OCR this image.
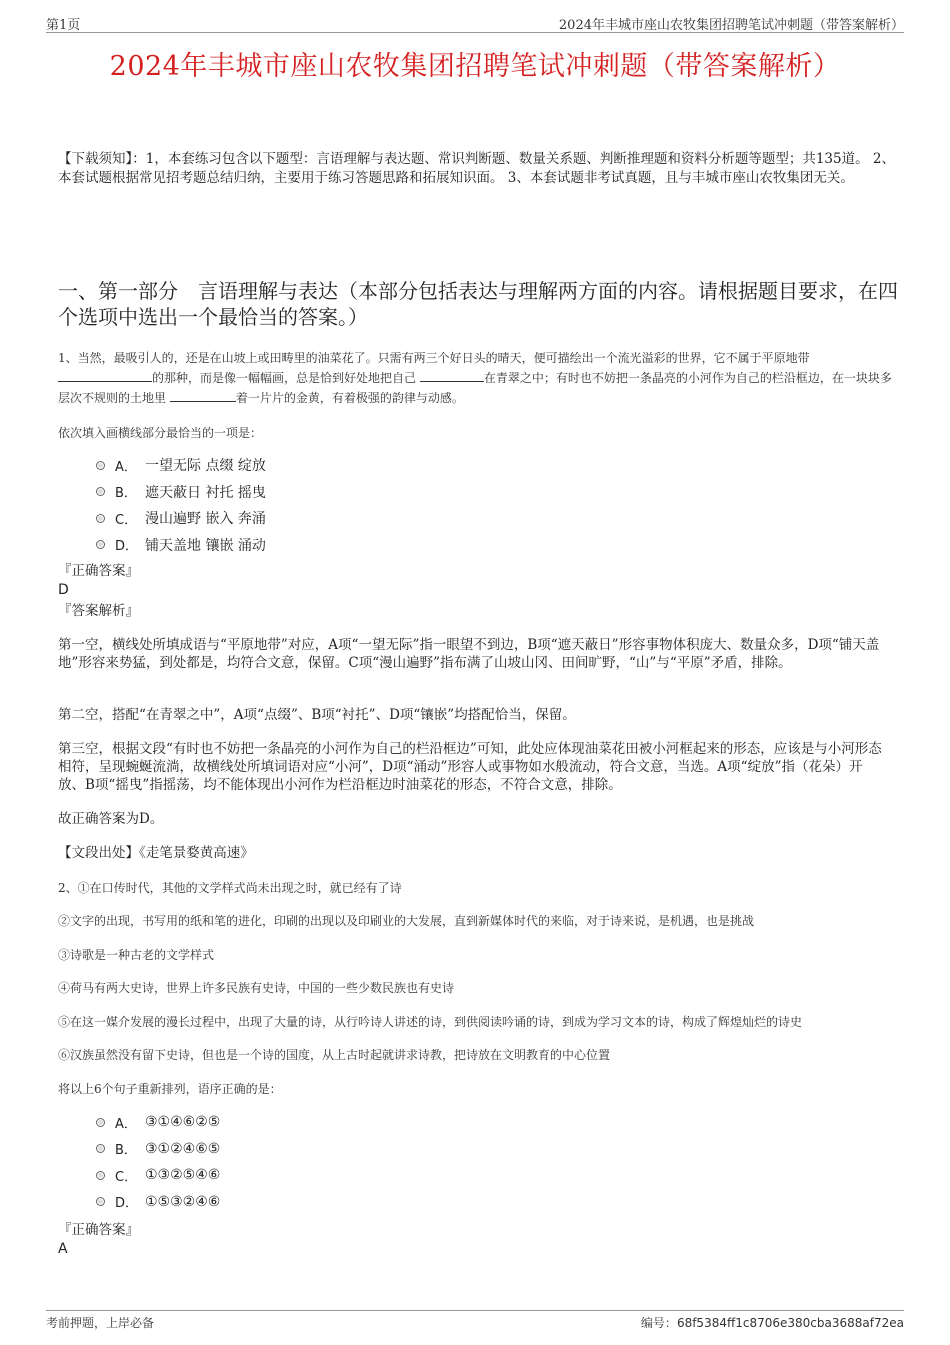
第1页	2024年丰城市座山农牧集团招聘笔试冲刺题（带答案解析）
2024年丰城市座山农牧集团招聘笔试冲刺题（带答案解析）
【下载须知】：1，本套练习包含以下题型：言语理解与表达题、常识判断题、数量关系题、判断推理题和资料分析题等题型；共135道。 2、本套试题根据常见招考题总结归纳，主要用于练习答题思路和拓展知识面。 3、本套试题非考试真题，且与丰城市座山农牧集团无关。
一、第一部分　言语理解与表达（本部分包括表达与理解两方面的内容。请根据题目要求，在四个选项中选出一个最恰当的答案。）
1、当然，最吸引人的，还是在山坡上或田畴里的油菜花了。只需有两三个好日头的晴天，便可描绘出一个流光溢彩的世界，它不属于平原地带
的那种，而是像一幅幅画，总是恰到好处地把自己	在青翠之中；有时也不妨把一条晶亮的小河作为自己的栏沿框边，在一块块多层次不规则的土地里	着一片片的金黄，有着极强的韵律与动感。
依次填入画横线部分最恰当的一项是：
A． 一望无际 点缀 绽放
B． 遮天蔽日 衬托 摇曳
C． 漫山遍野 嵌入 奔涌
D． 铺天盖地 镶嵌 涌动
『正确答案』
D
『答案解析』
第一空，横线处所填成语与“平原地带”对应，A项“一望无际”指一眼望不到边，B项“遮天蔽日”形容事物体积庞大、数量众多，D项“铺天盖地”形容来势猛，到处都是，均符合文意，保留。C项“漫山遍野”指布满了山坡山冈、田间旷野，“山”与“平原”矛盾，排除。
第二空，搭配“在青翠之中”，A项“点缀”、B项“衬托”、D项“镶嵌”均搭配恰当，保留。
第三空，根据文段“有时也不妨把一条晶亮的小河作为自己的栏沿框边”可知，此处应体现油菜花田被小河框起来的形态，应该是与小河形态相符，呈现蜿蜒流淌，故横线处所填词语对应“小河”，D项“涌动”形容人或事物如水般流动，符合文意，当选。A项“绽放”指（花朵）开放、B项“摇曳”指摇荡，均不能体现出小河作为栏沿框边时油菜花的形态，不符合文意，排除。
故正确答案为D。
【文段出处】《走笔景婺黄高速》
2、①在口传时代，其他的文学样式尚未出现之时，就已经有了诗
②文字的出现，书写用的纸和笔的进化，印刷的出现以及印刷业的大发展，直到新媒体时代的来临，对于诗来说，是机遇，也是挑战
③诗歌是一种古老的文学样式
④荷马有两大史诗，世界上许多民族有史诗，中国的一些少数民族也有史诗
⑤在这一媒介发展的漫长过程中，出现了大量的诗，从行吟诗人讲述的诗，到供阅读吟诵的诗，到成为学习文本的诗，构成了辉煌灿烂的诗史
⑥汉族虽然没有留下史诗，但也是一个诗的国度，从上古时起就讲求诗教，把诗放在文明教育的中心位置
将以上6个句子重新排列，语序正确的是：
A． ③①④⑥②⑤
B． ③①②④⑥⑤
C． ①③②⑤④⑥
D． ①⑤③②④⑥
『正确答案』
A
考前押题，上岸必备	编号：68f5384ff1c8706e380cba3688af72ea
